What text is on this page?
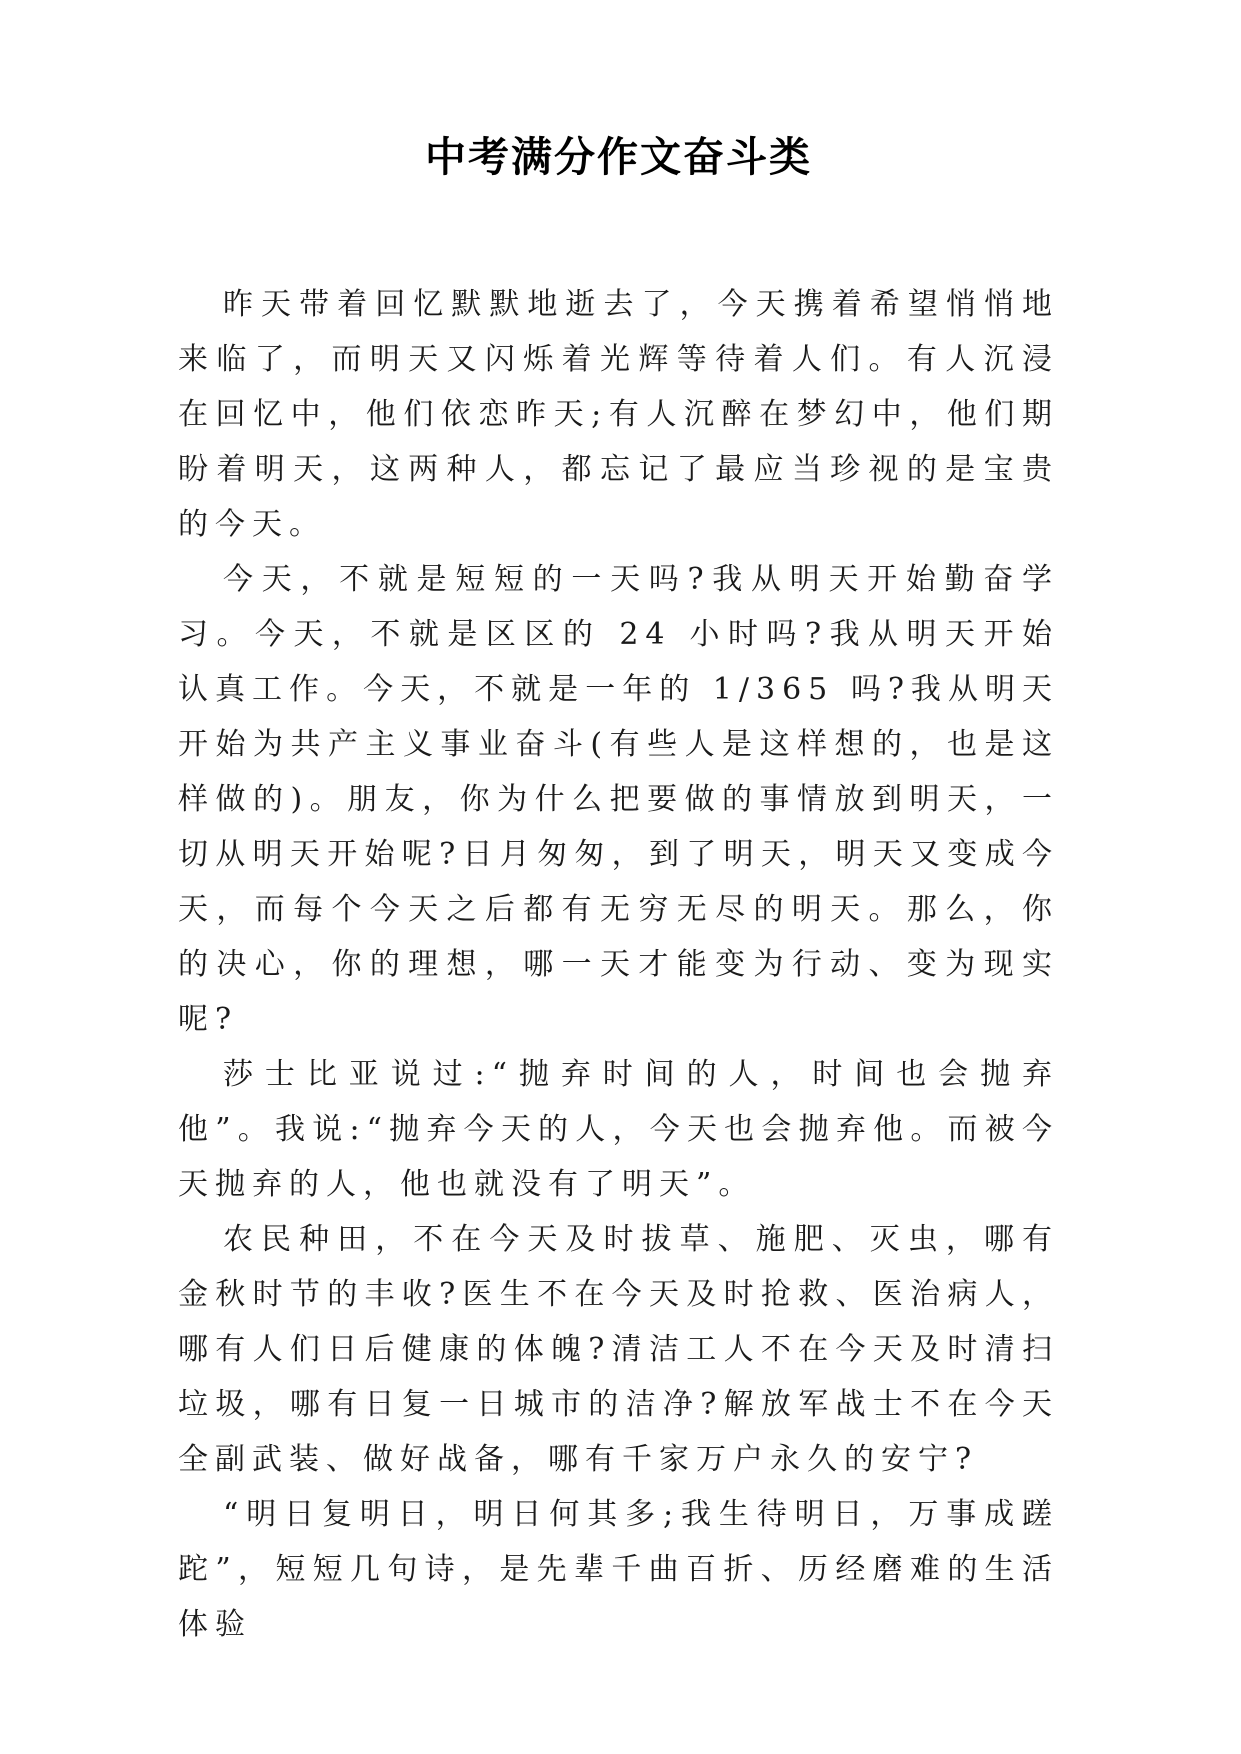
中考满分作文奋斗类

昨天带着回忆默默地逝去了，今天携着希望悄悄地来临了，而明天又闪烁着光辉等待着人们。有人沉浸在回忆中，他们依恋昨天;有人沉醉在梦幻中，他们期盼着明天，这两种人，都忘记了最应当珍视的是宝贵的今天。

今天，不就是短短的一天吗?我从明天开始勤奋学习。今天，不就是区区的 24 小时吗?我从明天开始认真工作。今天，不就是一年的 1/365 吗?我从明天开始为共产主义事业奋斗(有些人是这样想的，也是这样做的)。朋友，你为什么把要做的事情放到明天，一切从明天开始呢?日月匆匆，到了明天，明天又变成今天，而每个今天之后都有无穷无尽的明天。那么，你的决心，你的理想，哪一天才能变为行动、变为现实呢?

莎士比亚说过:“抛弃时间的人，时间也会抛弃他”。我说:“抛弃今天的人，今天也会抛弃他。而被今天抛弃的人，他也就没有了明天”。

农民种田，不在今天及时拔草、施肥、灭虫，哪有金秋时节的丰收?医生不在今天及时抢救、医治病人，哪有人们日后健康的体魄?清洁工人不在今天及时清扫垃圾，哪有日复一日城市的洁净?解放军战士不在今天全副武装、做好战备，哪有千家万户永久的安宁?

“明日复明日，明日何其多;我生待明日，万事成蹉跎”，短短几句诗，是先辈千曲百折、历经磨难的生活体验
